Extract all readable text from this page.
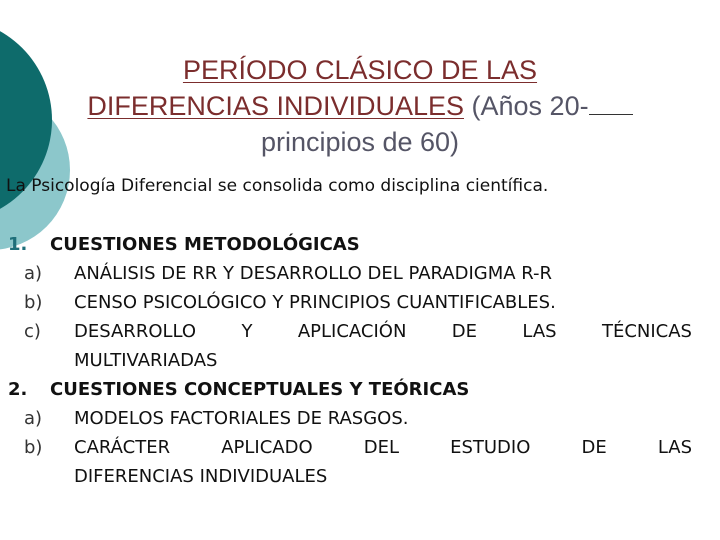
PERÍODO CLÁSICO DE LAS
DIFERENCIAS INDIVIDUALES (Años 20-
principios de 60)
La Psicología Diferencial se consolida como disciplina científica.
1.	CUESTIONES METODOLÓGICAS
a)	ANÁLISIS DE RR Y DESARROLLO DEL PARADIGMA R-R
b)	CENSO PSICOLÓGICO Y PRINCIPIOS CUANTIFICABLES.
c)	DESARROLLO	Y	APLICACIÓN	DE	LAS	TÉCNICAS
MULTIVARIADAS
2.	CUESTIONES CONCEPTUALES Y TEÓRICAS
a)	MODELOS FACTORIALES DE RASGOS.
b)	CARÁCTER	APLICADO	DEL	ESTUDIO	DE	LAS
DIFERENCIAS INDIVIDUALES
